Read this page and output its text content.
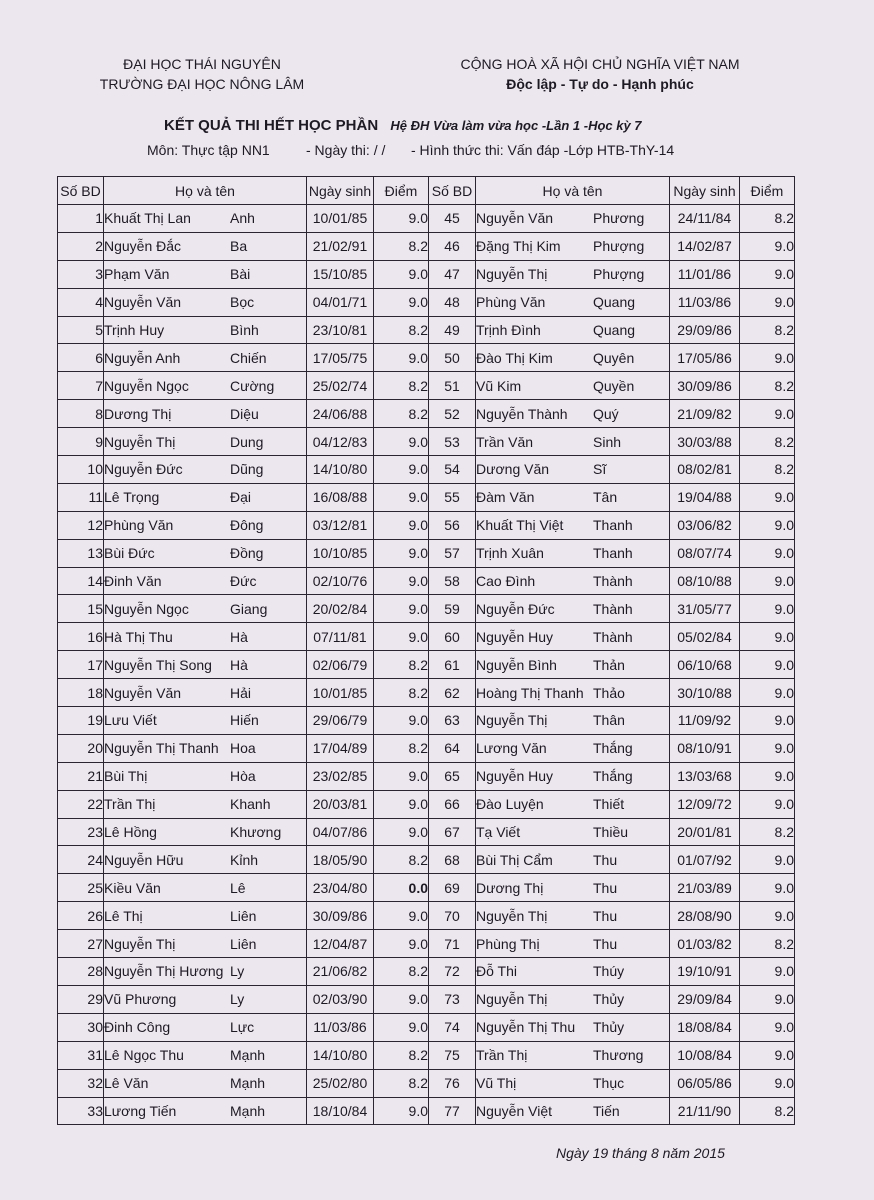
ĐẠI HỌC THÁI NGUYÊN
TRƯỜNG ĐẠI HỌC NÔNG LÂM
CỘNG HOÀ XÃ HỘI CHỦ NGHĨA VIỆT NAM
Độc lập - Tự do - Hạnh phúc
KẾT QUẢ THI HẾT HỌC PHẦN Hệ ĐH Vừa làm vừa học -Lần 1 -Học kỳ 7
Môn: Thực tập NN1	- Ngày thi: / / - Hình thức thi: Vấn đáp -Lớp HTB-ThY-14
Số BD	Họ và tên	Ngày sinh	Điểm	Số BD	Họ và tên	Ngày sinh	Điểm
1	Khuất Thị Lan Anh	10/01/85	9.0	45	Nguyễn Văn Phương	24/11/84	8.2
2	Nguyễn Đắc Ba	21/02/91	8.2	46	Đặng Thị Kim Phượng	14/02/87	9.0
3	Phạm Văn Bài	15/10/85	9.0	47	Nguyễn Thị Phượng	11/01/86	9.0
4	Nguyễn Văn Bọc	04/01/71	9.0	48	Phùng Văn Quang	11/03/86	9.0
5	Trịnh Huy Bình	23/10/81	8.2	49	Trịnh Đình Quang	29/09/86	8.2
6	Nguyễn Anh Chiến	17/05/75	9.0	50	Đào Thị Kim Quyên	17/05/86	9.0
7	Nguyễn Ngọc Cường	25/02/74	8.2	51	Vũ Kim Quyền	30/09/86	8.2
8	Dương Thị Diệu	24/06/88	8.2	52	Nguyễn Thành Quý	21/09/82	9.0
9	Nguyễn Thị Dung	04/12/83	9.0	53	Trần Văn Sinh	30/03/88	8.2
10	Nguyễn Đức Dũng	14/10/80	9.0	54	Dương Văn Sĩ	08/02/81	8.2
11	Lê Trọng Đại	16/08/88	9.0	55	Đàm Văn Tân	19/04/88	9.0
12	Phùng Văn Đông	03/12/81	9.0	56	Khuất Thị Việt Thanh	03/06/82	9.0
13	Bùi Đức Đồng	10/10/85	9.0	57	Trịnh Xuân Thanh	08/07/74	9.0
14	Đinh Văn Đức	02/10/76	9.0	58	Cao Đình Thành	08/10/88	9.0
15	Nguyễn Ngọc Giang	20/02/84	9.0	59	Nguyễn Đức Thành	31/05/77	9.0
16	Hà Thị Thu Hà	07/11/81	9.0	60	Nguyễn Huy Thành	05/02/84	9.0
17	Nguyễn Thị Song Hà	02/06/79	8.2	61	Nguyễn Bình Thản	06/10/68	9.0
18	Nguyễn Văn Hải	10/01/85	8.2	62	Hoàng Thị Thanh Thảo	30/10/88	9.0
19	Lưu Viết Hiến	29/06/79	9.0	63	Nguyễn Thị Thân	11/09/92	9.0
20	Nguyễn Thị Thanh Hoa	17/04/89	8.2	64	Lương Văn Thắng	08/10/91	9.0
21	Bùi Thị Hòa	23/02/85	9.0	65	Nguyễn Huy Thắng	13/03/68	9.0
22	Trần Thị Khanh	20/03/81	9.0	66	Đào Luyện Thiết	12/09/72	9.0
23	Lê Hồng Khương	04/07/86	9.0	67	Tạ Viết Thiều	20/01/81	8.2
24	Nguyễn Hữu Kỉnh	18/05/90	8.2	68	Bùi Thị Cẩm Thu	01/07/92	9.0
25	Kiều Văn Lê	23/04/80	0.0	69	Dương Thị Thu	21/03/89	9.0
26	Lê Thị Liên	30/09/86	9.0	70	Nguyễn Thị Thu	28/08/90	9.0
27	Nguyễn Thị Liên	12/04/87	9.0	71	Phùng Thị Thu	01/03/82	8.2
28	Nguyễn Thị Hương Ly	21/06/82	8.2	72	Đỗ Thi Thúy	19/10/91	9.0
29	Vũ Phương Ly	02/03/90	9.0	73	Nguyễn Thị Thủy	29/09/84	9.0
30	Đinh Công Lực	11/03/86	9.0	74	Nguyễn Thị Thu Thủy	18/08/84	9.0
31	Lê Ngọc Thu Mạnh	14/10/80	8.2	75	Trần Thị Thương	10/08/84	9.0
32	Lê Văn Mạnh	25/02/80	8.2	76	Vũ Thị Thục	06/05/86	9.0
33	Lương Tiến Mạnh	18/10/84	9.0	77	Nguyễn Việt Tiến	21/11/90	8.2
Ngày 19 tháng 8 năm 2015
